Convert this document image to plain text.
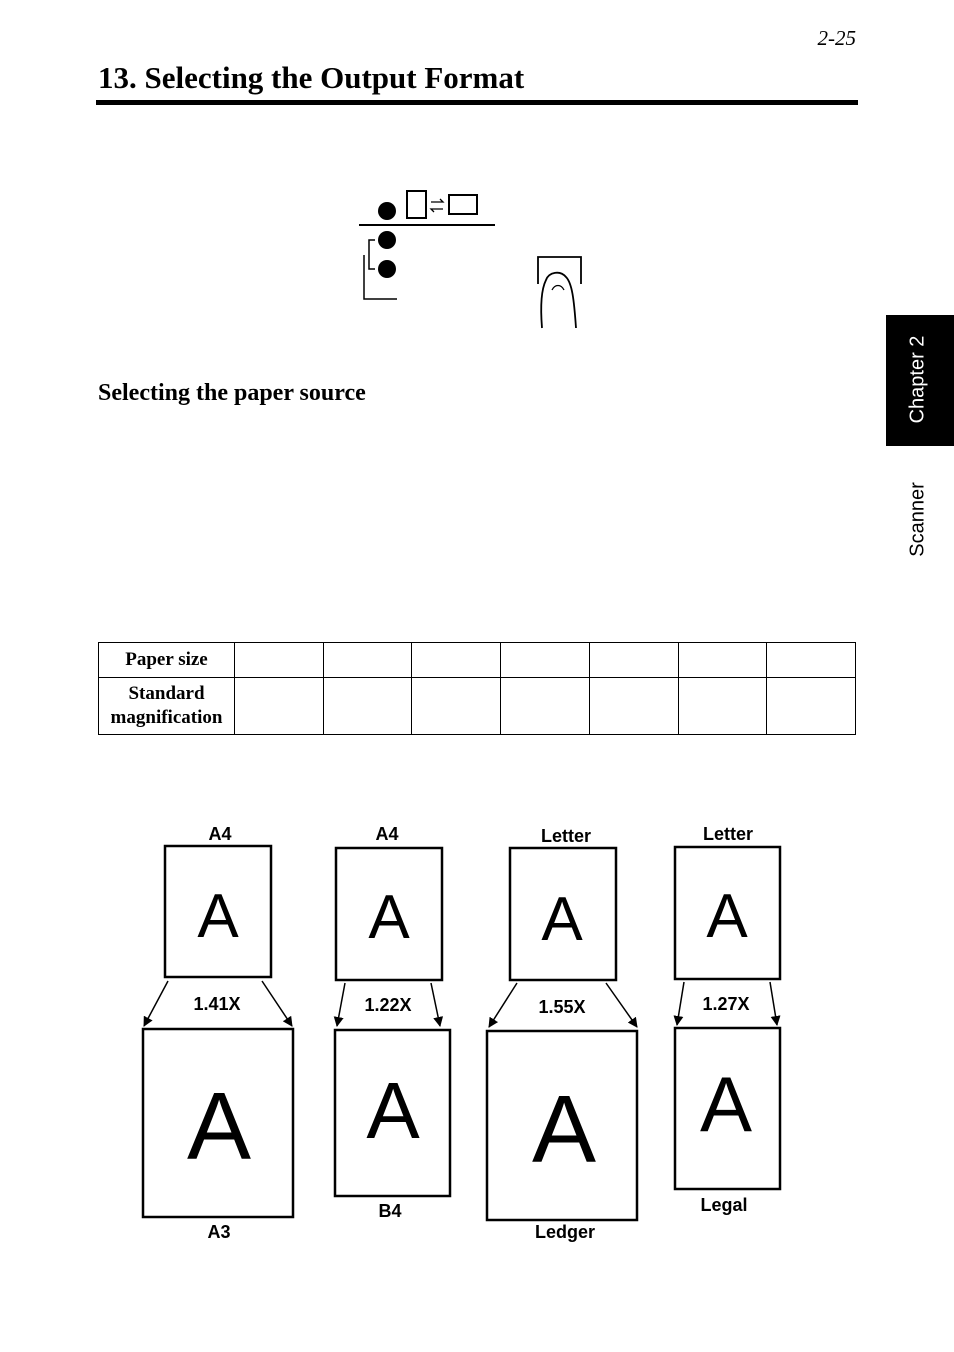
2-25
13. Selecting the Output Format
Chapter 2
Scanner
Selecting the paper source
Paper size							
Standard magnification							
A4
A
1.41X
A
A3
A4
A
1.22X
A
B4
Letter
A
1.55X
A
Ledger
Letter
A
1.27X
A
Legal
